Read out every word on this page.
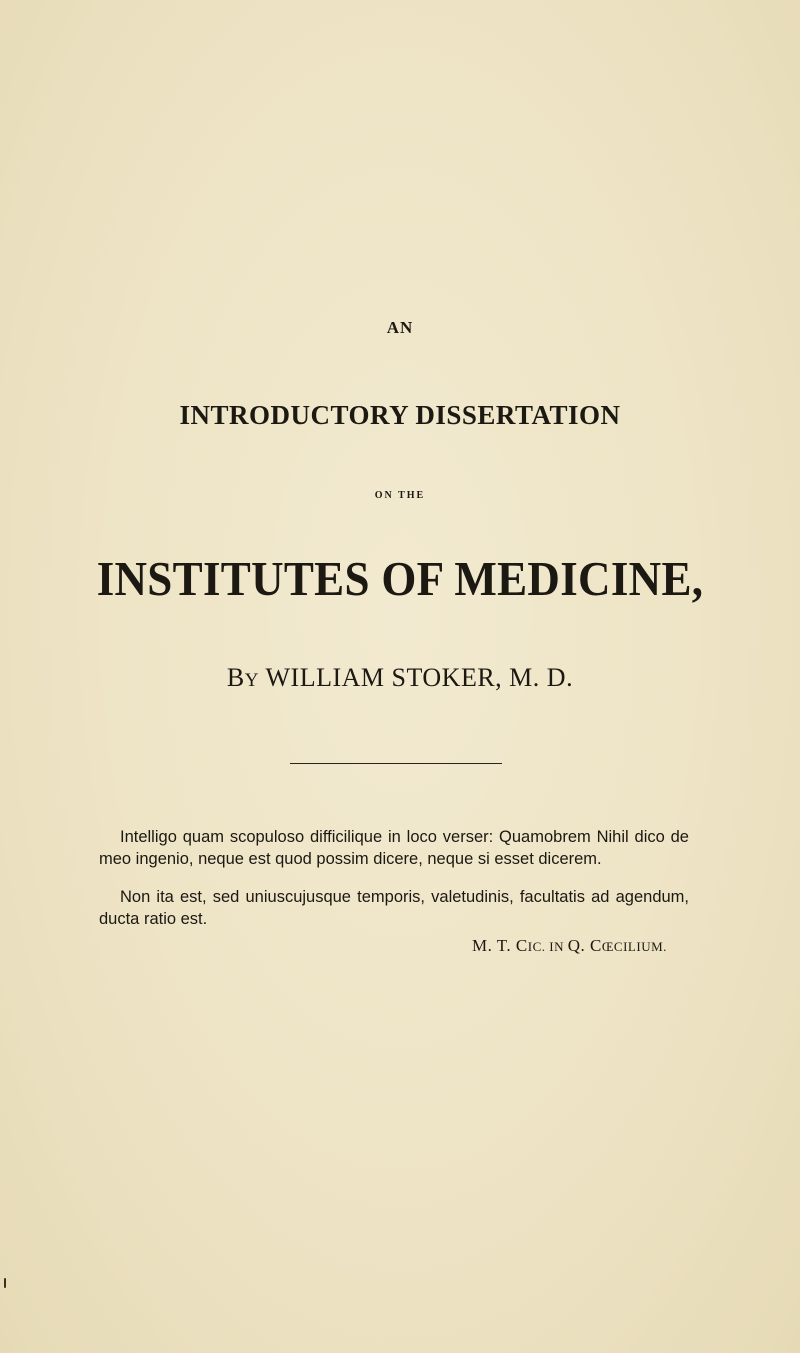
AN
INTRODUCTORY DISSERTATION
ON THE
INSTITUTES OF MEDICINE,
BY WILLIAM STOKER, M. D.
Intelligo quam scopuloso difficilique in loco verser: Quamobrem Nihil dico de meo ingenio, neque est quod possim dicere, neque si esset dicerem.
Non ita est, sed uniuscujusque temporis, valetudinis, facultatis ad agendum, ducta ratio est.
M. T. CIC. IN Q. CŒCILIUM.
